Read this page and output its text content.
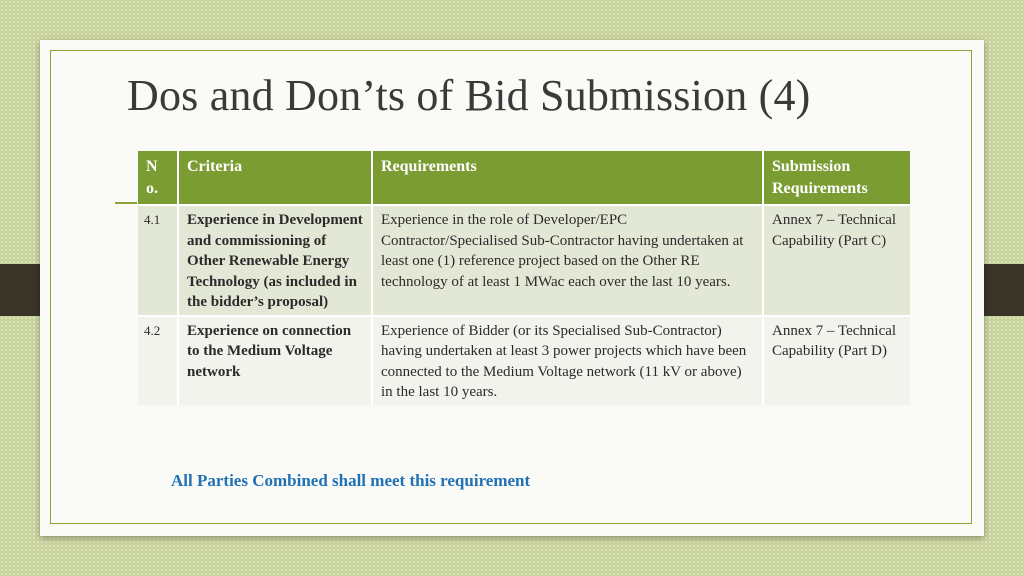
Dos and Don’ts of Bid Submission (4)
N o.	Criteria	Requirements	Submission Requirements
4.1	Experience in Development and commissioning of Other Renewable Energy Technology (as included in the bidder’s proposal)	Experience in the role of Developer/EPC Contractor/Specialised Sub-Contractor having undertaken at least one (1) reference project based on the Other RE technology of at least 1 MWac each over the last 10 years.	Annex 7 – Technical Capability (Part C)
4.2	Experience on connection to the Medium Voltage network	Experience of Bidder (or its Specialised Sub-Contractor) having undertaken at least 3 power projects which have been connected to the Medium Voltage network (11 kV or above) in the last 10 years.	Annex 7 – Technical Capability (Part D)
All Parties Combined shall meet this requirement
